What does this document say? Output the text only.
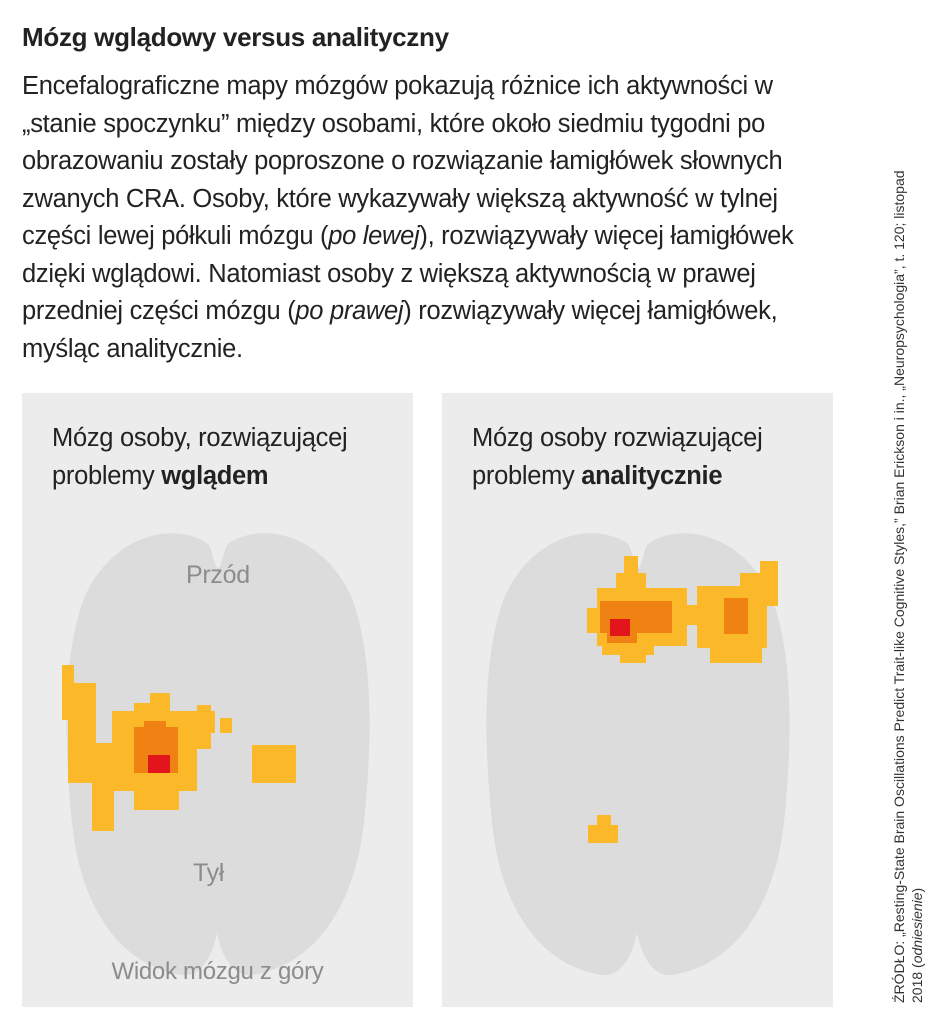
Mózg wglądowy versus analityczny

Encefalograficzne mapy mózgów pokazują różnice ich aktywności w „stanie spoczynku” między osobami, które około siedmiu tygodni po obrazowaniu zostały poproszone o rozwiązanie łamigłówek słownych zwanych CRA. Osoby, które wykazywały większą aktywność w tylnej części lewej półkuli mózgu (po lewej), rozwiązywały więcej łamigłówek dzięki wglądowi. Natomiast osoby z większą aktywnością w prawej przedniej części mózgu (po prawej) rozwiązywały więcej łamigłówek, myśląc analitycznie.

Mózg osoby, rozwiązującej problemy wglądem

Przód
Tył
Widok mózgu z góry

Mózg osoby rozwiązującej problemy analitycznie	ŹRÓDŁO: „Resting-State Brain Oscillations Predict Trait-like Cognitive Styles,” Brian Erickson i in., „Neuropsychologia”, t. 120; listopad 2018 (odniesienie)
